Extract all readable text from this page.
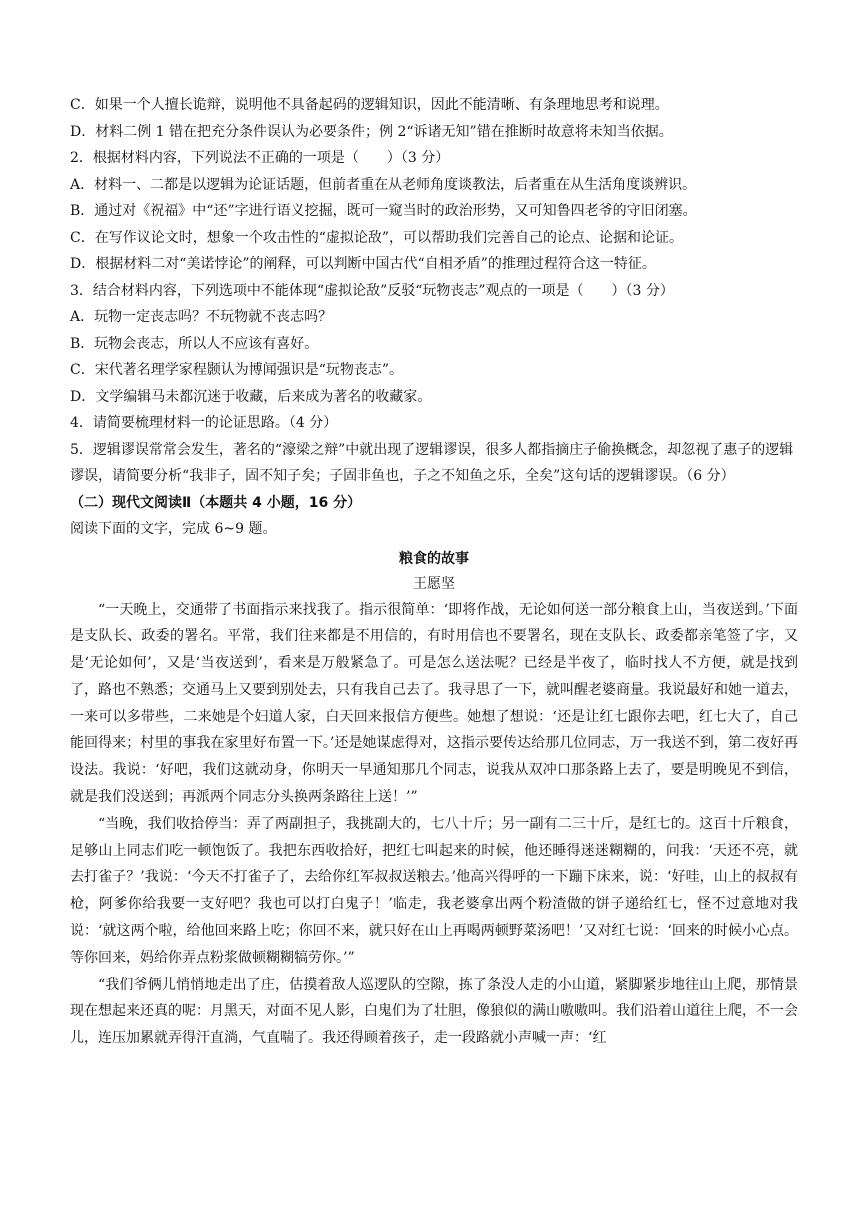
C．如果一个人擅长诡辩，说明他不具备起码的逻辑知识，因此不能清晰、有条理地思考和说理。

D．材料二例 1 错在把充分条件误认为必要条件；例 2“诉诸无知”错在推断时故意将未知当依据。

2．根据材料内容，下列说法不正确的一项是（　　）（3 分）

A．材料一、二都是以逻辑为论证话题，但前者重在从老师角度谈教法，后者重在从生活角度谈辨识。

B．通过对《祝福》中“还”字进行语义挖掘，既可一窥当时的政治形势，又可知鲁四老爷的守旧闭塞。

C．在写作议论文时，想象一个攻击性的“虚拟论敌”，可以帮助我们完善自己的论点、论据和论证。

D．根据材料二对“美诺悖论”的阐释，可以判断中国古代“自相矛盾”的推理过程符合这一特征。

3．结合材料内容，下列选项中不能体现“虚拟论敌”反驳“玩物丧志”观点的一项是（　　）（3 分）

A．玩物一定丧志吗？不玩物就不丧志吗？

B．玩物会丧志，所以人不应该有喜好。

C．宋代著名理学家程颢认为博闻强识是“玩物丧志”。

D．文学编辑马未都沉迷于收藏，后来成为著名的收藏家。

4．请简要梳理材料一的论证思路。（4 分）

5．逻辑谬误常常会发生，著名的“濠梁之辩”中就出现了逻辑谬误，很多人都指摘庄子偷换概念，却忽视了惠子的逻辑谬误，请简要分析“我非子，固不知子矣；子固非鱼也，子之不知鱼之乐，全矣”这句话的逻辑谬误。（6 分）

（二）现代文阅读Ⅱ（本题共 4 小题，16 分）

阅读下面的文字，完成 6~9 题。

粮食的故事

王愿坚

“一天晚上，交通带了书面指示来找我了。指示很简单：‘即将作战，无论如何送一部分粮食上山，当夜送到。’下面是支队长、政委的署名。平常，我们往来都是不用信的，有时用信也不要署名，现在支队长、政委都亲笔签了字，又是‘无论如何’，又是‘当夜送到’，看来是万般紧急了。可是怎么送法呢？已经是半夜了，临时找人不方便，就是找到了，路也不熟悉；交通马上又要到别处去，只有我自己去了。我寻思了一下，就叫醒老婆商量。我说最好和她一道去，一来可以多带些，二来她是个妇道人家，白天回来报信方便些。她想了想说：‘还是让红七跟你去吧，红七大了，自己能回得来；村里的事我在家里好布置一下。’还是她谋虑得对，这指示要传达给那几位同志，万一我送不到，第二夜好再设法。我说：‘好吧，我们这就动身，你明天一早通知那几个同志，说我从双冲口那条路上去了，要是明晚见不到信，就是我们没送到；再派两个同志分头换两条路往上送！’”

“当晚，我们收拾停当：弄了两副担子，我挑副大的，七八十斤；另一副有二三十斤，是红七的。这百十斤粮食，足够山上同志们吃一顿饱饭了。我把东西收拾好，把红七叫起来的时候，他还睡得迷迷糊糊的，问我：‘天还不亮，就去打雀子？’我说：‘今天不打雀子了，去给你红军叔叔送粮去。’他高兴得呼的一下蹦下床来，说：‘好哇，山上的叔叔有枪，阿爹你给我要一支好吧？我也可以打白鬼子！’临走，我老婆拿出两个粉渣做的饼子递给红七，怪不过意地对我说：‘就这两个啦，给他回来路上吃；你回不来，就只好在山上再喝两顿野菜汤吧！’又对红七说：‘回来的时候小心点。等你回来，妈给你弄点粉浆做顿糊糊犒劳你。’”

“我们爷俩儿悄悄地走出了庄，估摸着敌人巡逻队的空隙，拣了条没人走的小山道，紧脚紧步地往山上爬，那情景现在想起来还真的呢：月黑天，对面不见人影，白鬼们为了壮胆，像狼似的满山嗷嗷叫。我们沿着山道往上爬，不一会儿，连压加累就弄得汗直淌，气直喘了。我还得顾着孩子，走一段路就小声喊一声：‘红
